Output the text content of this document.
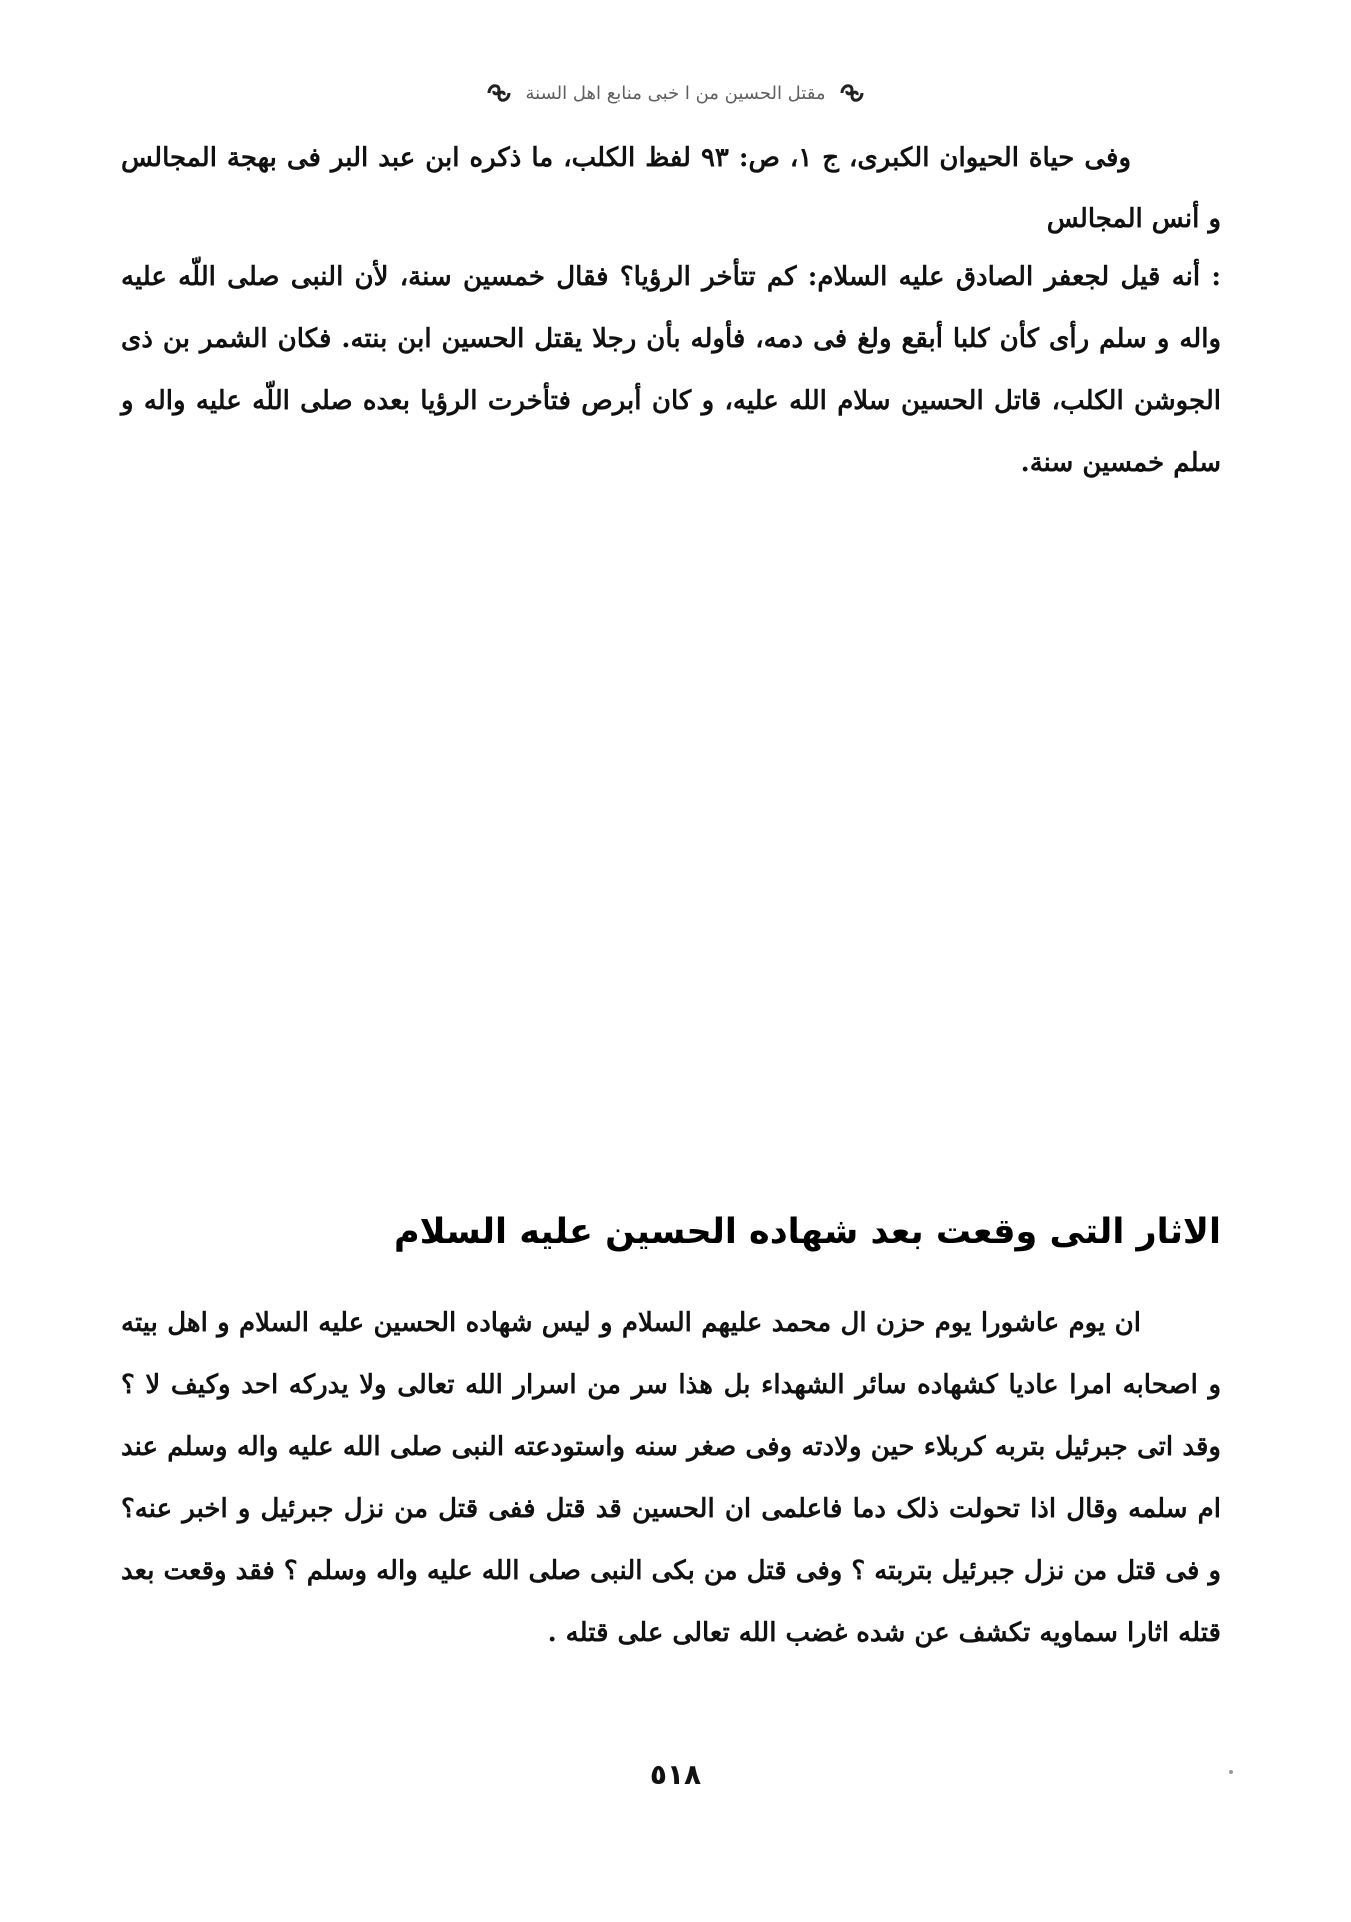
مقتل الحسين من ا خبى منابع اهل السنة

وفى حياة الحيوان الكبرى، ج ١، ص: ٩٣ لفظ الكلب، ما ذكره ابن عبد البر فى بهجة المجالس و أنس المجالس

: أنه قيل لجعفر الصادق عليه السلام: كم تتأخر الرؤيا؟ فقال خمسين سنة، لأن النبى صلى اللّه عليه واله و سلم رأى كأن كلبا أبقع ولغ فى دمه، فأوله بأن رجلا يقتل الحسين ابن بنته. فكان الشمر بن ذى الجوشن الكلب، قاتل الحسين سلام الله عليه، و كان أبرص فتأخرت الرؤيا بعده صلى اللّه عليه واله و سلم خمسين سنة.

الاثار التى وقعت بعد شهاده الحسين عليه السلام

ان يوم عاشورا يوم حزن ال محمد عليهم السلام و ليس شهاده الحسين عليه السلام و اهل بيته و اصحابه امرا عاديا كشهاده سائر الشهداء بل هذا سر من اسرار الله تعالى ولا يدركه احد وكيف لا ؟ وقد اتى جبرئيل بتربه كربلاء حين ولادته وفى صغر سنه واستودعته النبى صلى الله عليه واله وسلم عند ام سلمه وقال اذا تحولت ذلک دما فاعلمى ان الحسين قد قتل ففى قتل من نزل جبرئيل و اخبر عنه؟ و فى قتل من نزل جبرئيل بتربته ؟ وفى قتل من بكى النبى صلى الله عليه واله وسلم ؟ فقد وقعت بعد قتله اثارا سماويه تكشف عن شده غضب الله تعالى على قتله .

٥١٨
